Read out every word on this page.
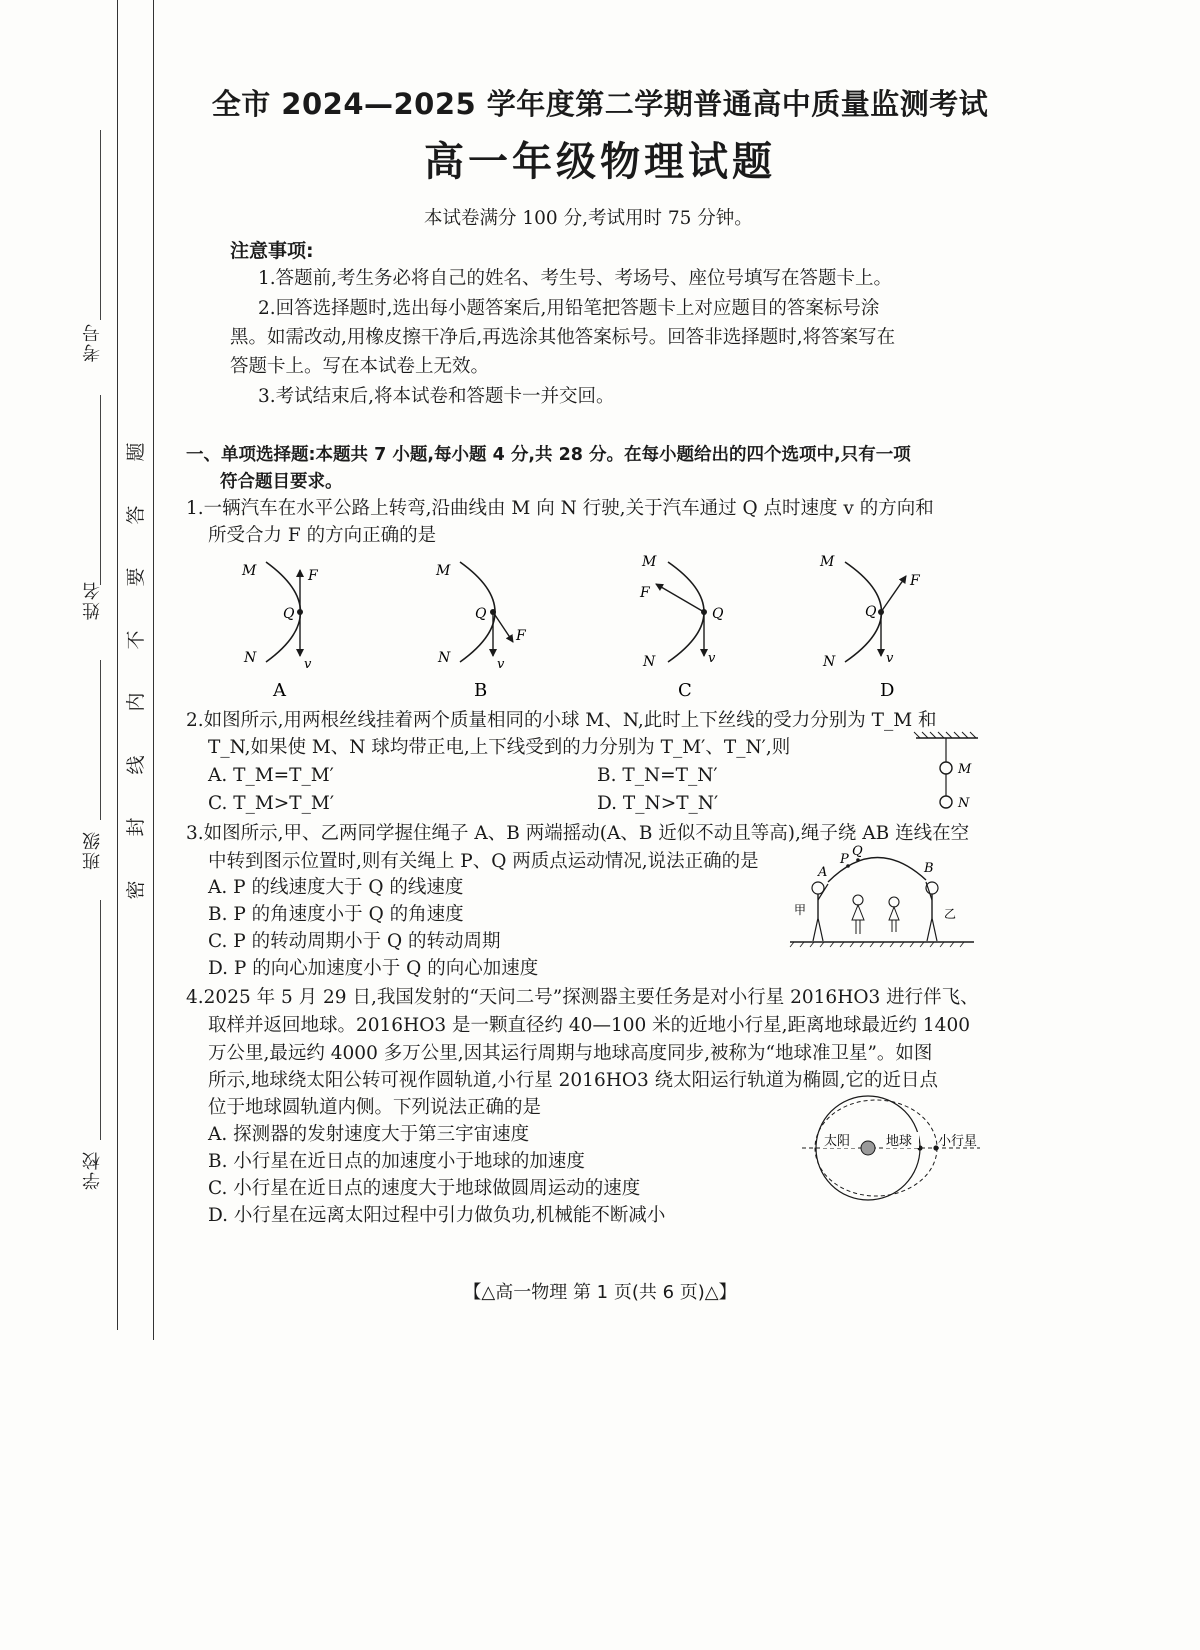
考号
姓名
班级
学校
题
答
要
不
内
线
封
密
全市 2024—2025 学年度第二学期普通高中质量监测考试
高一年级物理试题
本试卷满分 100 分,考试用时 75 分钟。
注意事项:
1.答题前,考生务必将自己的姓名、考生号、考场号、座位号填写在答题卡上。
2.回答选择题时,选出每小题答案后,用铅笔把答题卡上对应题目的答案标号涂
黑。如需改动,用橡皮擦干净后,再选涂其他答案标号。回答非选择题时,将答案写在
答题卡上。写在本试卷上无效。
3.考试结束后,将本试卷和答题卡一并交回。
一、单项选择题:本题共 7 小题,每小题 4 分,共 28 分。在每小题给出的四个选项中,只有一项
符合题目要求。
1.一辆汽车在水平公路上转弯,沿曲线由 M 向 N 行驶,关于汽车通过 Q 点时速度 v 的方向和
所受合力 F 的方向正确的是
M	F
Q
N	v
A
M
Q
F
N	v
B
M
F
Q
N	v
C
M
F
Q
N	v
D
2.如图所示,用两根丝线挂着两个质量相同的小球 M、N,此时上下丝线的受力分别为 T_M 和
T_N,如果使 M、N 球均带正电,上下线受到的力分别为 T_M′、T_N′,则
A. T_M=T_M′	B. T_N=T_N′
C. T_M>T_M′	D. T_N>T_N′
M
N
3.如图所示,甲、乙两同学握住绳子 A、B 两端摇动(A、B 近似不动且等高),绳子绕 AB 连线在空
中转到图示位置时,则有关绳上 P、Q 两质点运动情况,说法正确的是
A. P 的线速度大于 Q 的线速度
B. P 的角速度小于 Q 的角速度
C. P 的转动周期小于 Q 的转动周期
D. P 的向心加速度小于 Q 的向心加速度
A
P
Q
B
甲	乙
4.2025 年 5 月 29 日,我国发射的“天问二号”探测器主要任务是对小行星 2016HO3 进行伴飞、
取样并返回地球。2016HO3 是一颗直径约 40—100 米的近地小行星,距离地球最近约 1400
万公里,最远约 4000 多万公里,因其运行周期与地球高度同步,被称为“地球准卫星”。如图
所示,地球绕太阳公转可视作圆轨道,小行星 2016HO3 绕太阳运行轨道为椭圆,它的近日点
位于地球圆轨道内侧。下列说法正确的是
A. 探测器的发射速度大于第三宇宙速度
B. 小行星在近日点的加速度小于地球的加速度
C. 小行星在近日点的速度大于地球做圆周运动的速度
D. 小行星在远离太阳过程中引力做负功,机械能不断减小
太阳	地球 小行星
【△高一物理 第 1 页(共 6 页)△】
